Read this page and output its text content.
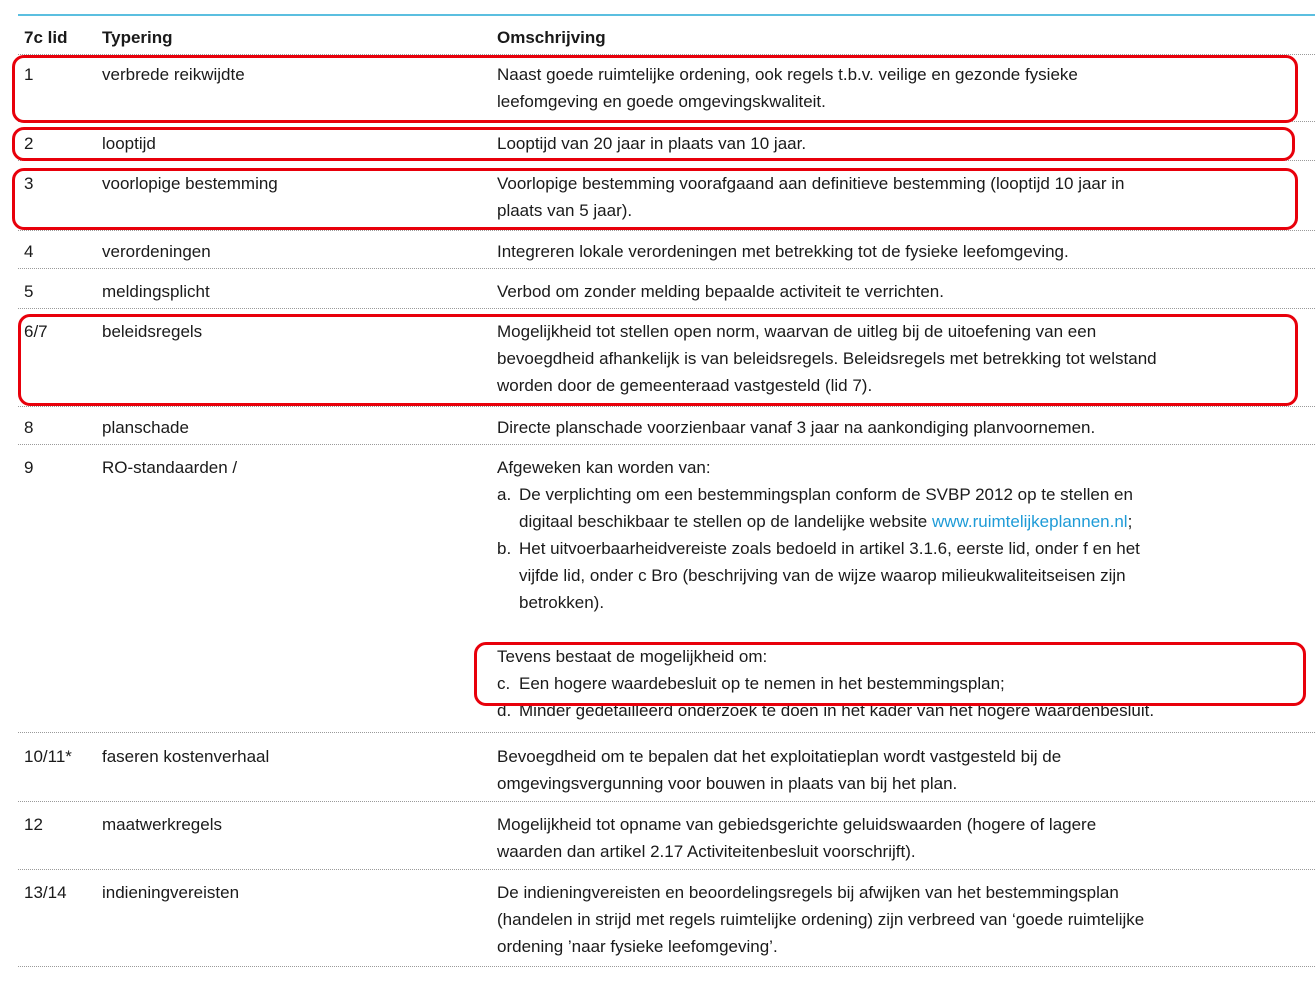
7c lid	Typering	Omschrijving
1	verbrede reikwijdte	Naast goede ruimtelijke ordening, ook regels t.b.v. veilige en gezonde fysieke
leefomgeving en goede omgevingskwaliteit.
2	looptijd	Looptijd van 20 jaar in plaats van 10 jaar.
3	voorlopige bestemming	Voorlopige bestemming voorafgaand aan definitieve bestemming (looptijd 10 jaar in
plaats van 5 jaar).
4	verordeningen	Integreren lokale verordeningen met betrekking tot de fysieke leefomgeving.
5	meldingsplicht	Verbod om zonder melding bepaalde activiteit te verrichten.
6/7	beleidsregels	Mogelijkheid tot stellen open norm, waarvan de uitleg bij de uitoefening van een
bevoegdheid afhankelijk is van beleidsregels. Beleidsregels met betrekking tot welstand
worden door de gemeenteraad vastgesteld (lid 7).
8	planschade	Directe planschade voorzienbaar vanaf 3 jaar na aankondiging planvoornemen.
9	RO-standaarden /	Afgeweken kan worden van:
a. De verplichting om een bestemmingsplan conform de SVBP 2012 op te stellen en
digitaal beschikbaar te stellen op de landelijke website www.ruimtelijkeplannen.nl;
b. Het uitvoerbaarheidvereiste zoals bedoeld in artikel 3.1.6, eerste lid, onder f en het
vijfde lid, onder c Bro (beschrijving van de wijze waarop milieukwaliteitseisen zijn
betrokken).
Tevens bestaat de mogelijkheid om:
c. Een hogere waardebesluit op te nemen in het bestemmingsplan;
d. Minder gedetailleerd onderzoek te doen in het kader van het hogere waardenbesluit.
10/11*	faseren kostenverhaal	Bevoegdheid om te bepalen dat het exploitatieplan wordt vastgesteld bij de
omgevingsvergunning voor bouwen in plaats van bij het plan.
12	maatwerkregels	Mogelijkheid tot opname van gebiedsgerichte geluidswaarden (hogere of lagere
waarden dan artikel 2.17 Activiteitenbesluit voorschrijft).
13/14	indieningvereisten	De indieningvereisten en beoordelingsregels bij afwijken van het bestemmingsplan
(handelen in strijd met regels ruimtelijke ordening) zijn verbreed van ‘goede ruimtelijke
ordening ’naar fysieke leefomgeving’.
